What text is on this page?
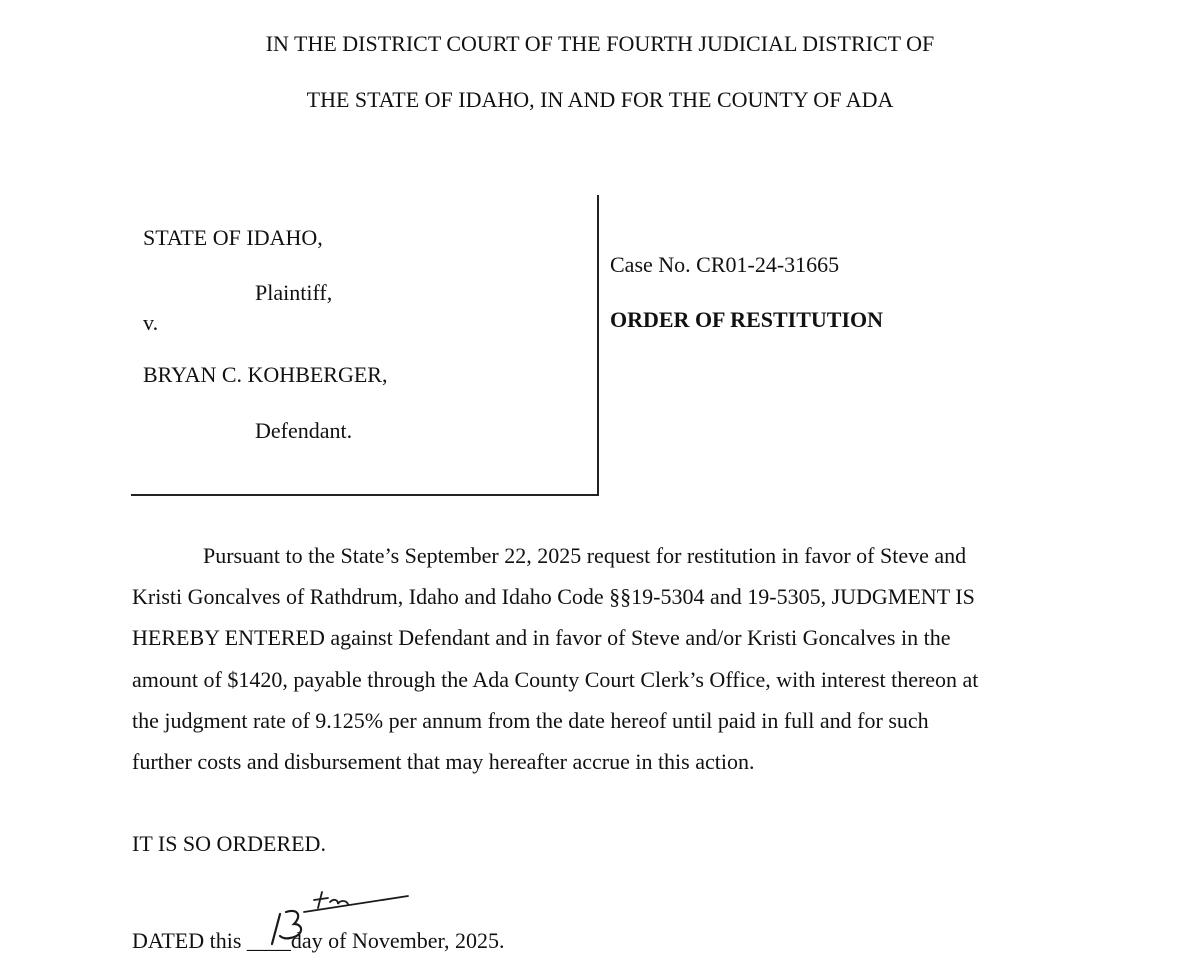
IN THE DISTRICT COURT OF THE FOURTH JUDICIAL DISTRICT OF
THE STATE OF IDAHO, IN AND FOR THE COUNTY OF ADA
STATE OF IDAHO,
Plaintiff,
v.
BRYAN C. KOHBERGER,
Defendant.
Case No. CR01-24-31665
ORDER OF RESTITUTION
Pursuant to the State’s September 22, 2025 request for restitution in favor of Steve and
Kristi Goncalves of Rathdrum, Idaho and Idaho Code §§19-5304 and 19-5305, JUDGMENT IS
HEREBY ENTERED against Defendant and in favor of Steve and/or Kristi Goncalves in the
amount of $1420, payable through the Ada County Court Clerk’s Office, with interest thereon at
the judgment rate of 9.125% per annum from the date hereof until paid in full and for such
further costs and disbursement that may hereafter accrue in this action.
IT IS SO ORDERED.
DATED this ____day of November, 2025.
